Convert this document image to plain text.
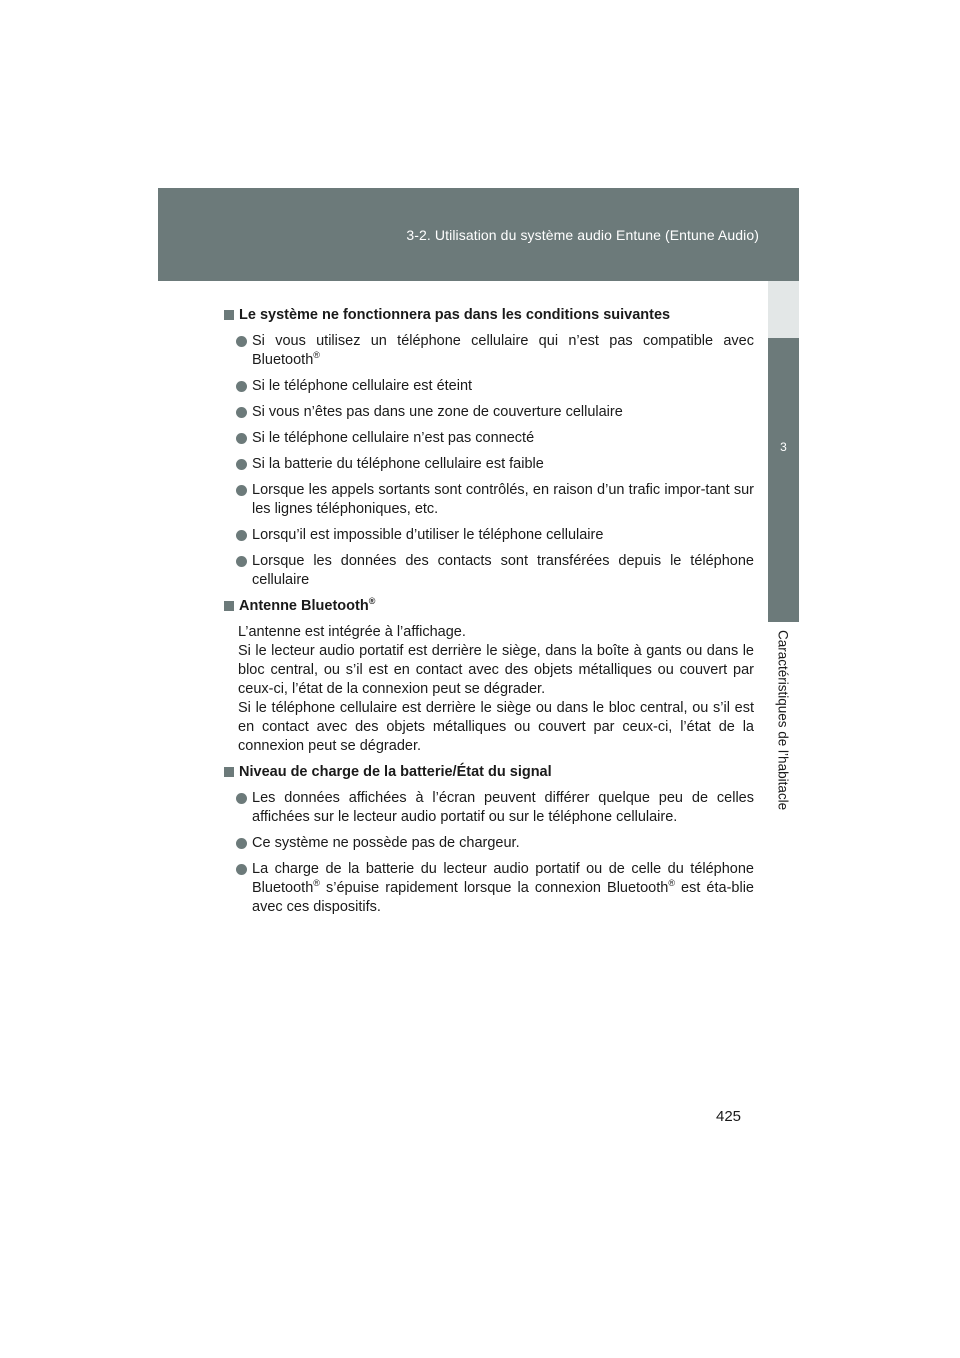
3-2. Utilisation du système audio Entune (Entune Audio)
3
Caractéristiques de l’habitacle
Le système ne fonctionnera pas dans les conditions suivantes
Si vous utilisez un téléphone cellulaire qui n’est pas compatible avec Bluetooth®
Si le téléphone cellulaire est éteint
Si vous n’êtes pas dans une zone de couverture cellulaire
Si le téléphone cellulaire n’est pas connecté
Si la batterie du téléphone cellulaire est faible
Lorsque les appels sortants sont contrôlés, en raison d’un trafic impor-tant sur les lignes téléphoniques, etc.
Lorsqu’il est impossible d’utiliser le téléphone cellulaire
Lorsque les données des contacts sont transférées depuis le téléphone cellulaire
Antenne Bluetooth®

L’antenne est intégrée à l’affichage.

Si le lecteur audio portatif est derrière le siège, dans la boîte à gants ou dans le bloc central, ou s’il est en contact avec des objets métalliques ou couvert par ceux-ci, l’état de la connexion peut se dégrader.

Si le téléphone cellulaire est derrière le siège ou dans le bloc central, ou s’il est en contact avec des objets métalliques ou couvert par ceux-ci, l’état de la connexion peut se dégrader.

Niveau de charge de la batterie/État du signal
Les données affichées à l’écran peuvent différer quelque peu de celles affichées sur le lecteur audio portatif ou sur le téléphone cellulaire.
Ce système ne possède pas de chargeur.
La charge de la batterie du lecteur audio portatif ou de celle du téléphone Bluetooth® s’épuise rapidement lorsque la connexion Bluetooth® est éta-blie avec ces dispositifs.
425
